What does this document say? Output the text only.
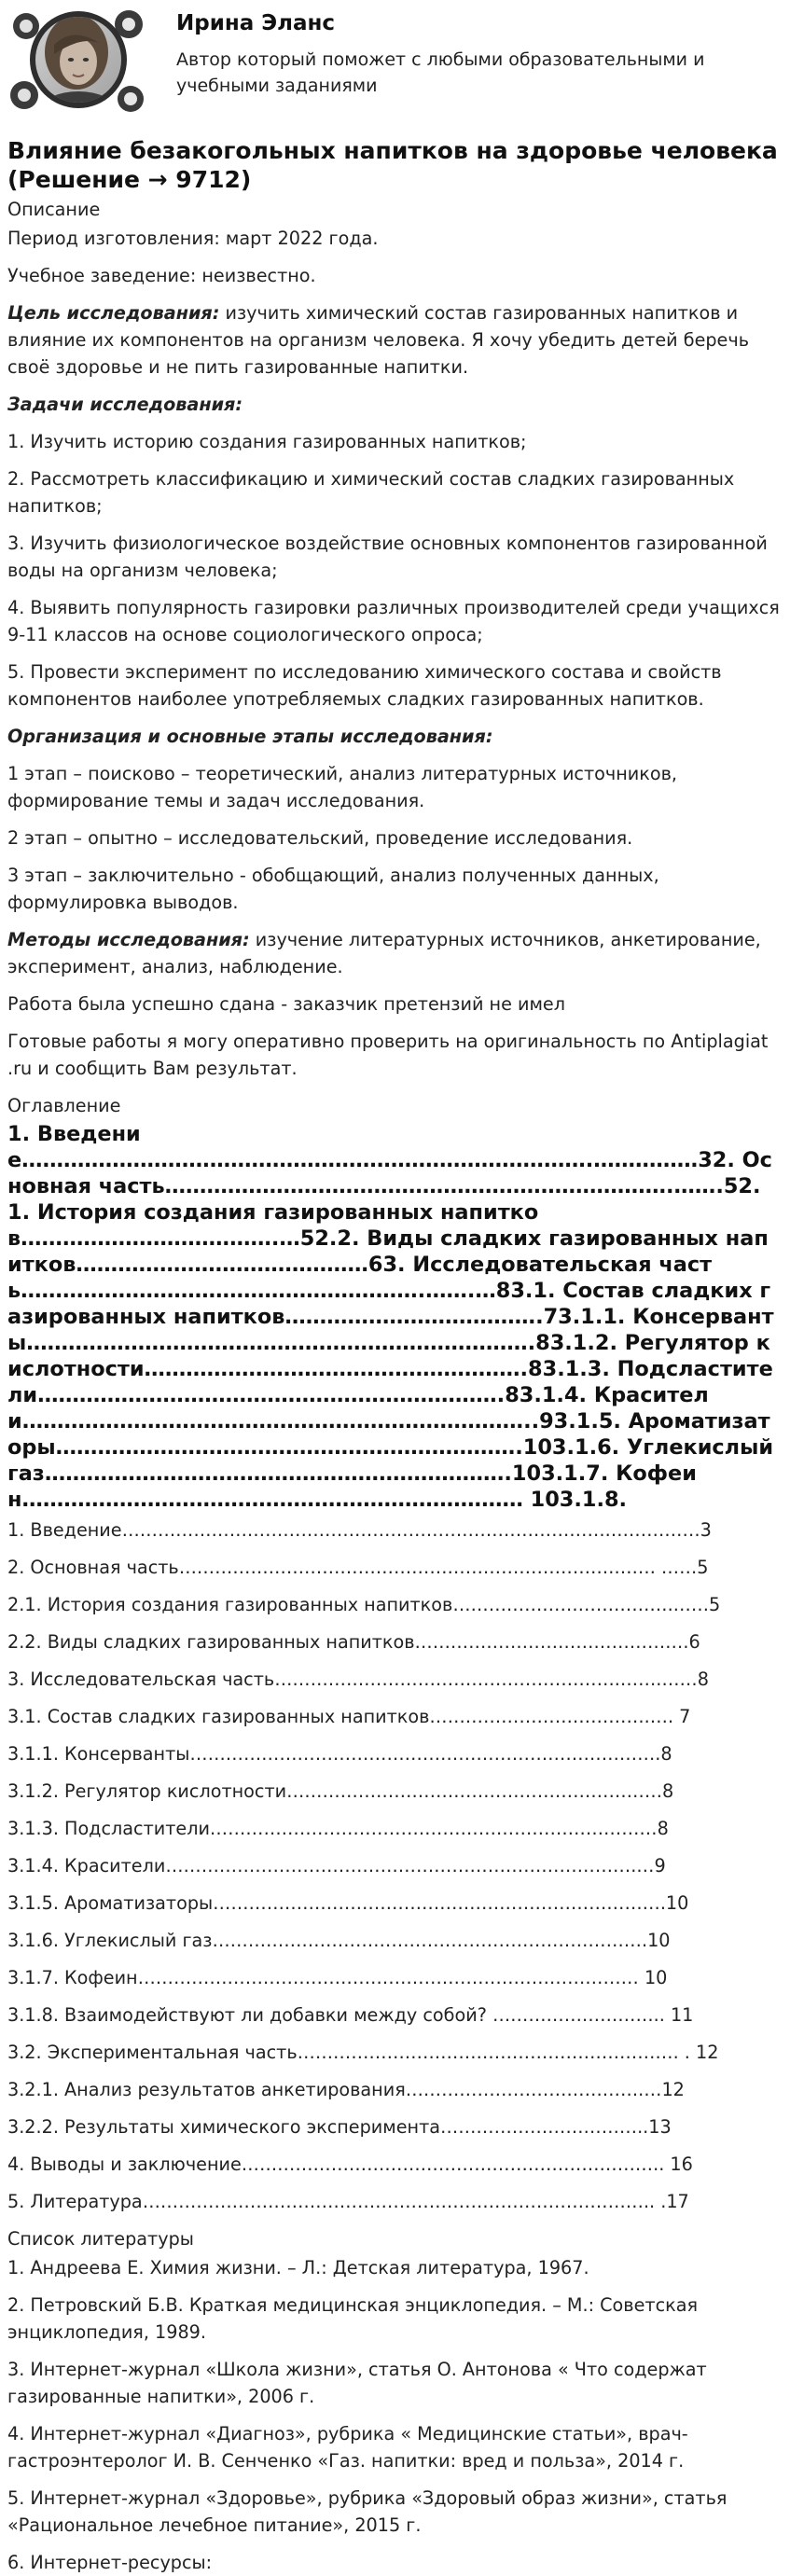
Ирина Эланс
Автор который поможет с любыми образовательными и учебными заданиями
Влияние безакогольных напитков на здоровье человека (Решение → 9712)
Описание
Период изготовления: март 2022 года.
Учебное заведение: неизвестно.
Цель исследования: изучить химический состав газированных напитков и влияние их компонентов на организм человека. Я хочу убедить детей беречь своё здоровье и не пить газированные напитки.
Задачи исследования:
1. Изучить историю создания газированных напитков;
2. Рассмотреть классификацию и химический состав сладких газированных напитков;
3. Изучить физиологическое воздействие основных компонентов газированной воды на организм человека;
4. Выявить популярность газировки различных производителей среди учащихся 9-11 классов на основе социологического опроса;
5. Провести эксперимент по исследованию химического состава и свойств компонентов наиболее употребляемых сладких газированных напитков.
Организация и основные этапы исследования:
1 этап – поисково – теоретический, анализ литературных источников, формирование темы и задач исследования.
2 этап – опытно – исследовательский, проведение исследования.
3 этап – заключительно - обобщающий, анализ полученных данных, формулировка выводов.
Методы исследования: изучение литературных источников, анкетирование, эксперимент, анализ, наблюдение.
Работа была успешно сдана - заказчик претензий не имел
Готовые работы я могу оперативно проверить на оригинальность по Antiplagiat .ru и сообщить Вам результат.
Оглавление
1. Введение……………………………………………………………………….……………32. Основная часть……………………………………………………………….…….52.1. История создания газированных напитков……………………………….…52.2. Виды сладких газированных напитков……………………………………63. Исследовательская часть………………………………………………….…….…83.1. Состав сладких газированных напитков……………………………….73.1.1. Консерванты……………………………………………………………….83.1.2. Регулятор кислотности……………………………………………….83.1.3. Подсластители………………………………………………………….83.1.4. Красители………………………………………………………………..93.1.5. Ароматизаторы………………………………………………………….103.1.6. Углекислый газ………………………………………………………….103.1.7. Кофеин……………………………………………………………… 103.1.8.
1. Введение……………………………………………………………………….……………3
2. Основная часть……………………………………………………………….……. ……5
2.1. История создания газированных напитков……………………………….……5
2.2. Виды сладких газированных напитков……………………………………….6
3. Исследовательская часть………………………………………………….…….……8
3.1. Состав сладких газированных напитков……………………………….…. 7
3.1.1. Консерванты…………………………………………………………………….8
3.1.2. Регулятор кислотности………………………………………………………8
3.1.3. Подсластители…………………………………………………………………8
3.1.4. Красители…………………………………………………………………….…9
3.1.5. Ароматизаторы………………………………………………………………….10
3.1.6. Углекислый газ……………………………………………………………….10
3.1.7. Кофеин………………………………………………………………………… 10
3.1.8. Взаимодействуют ли добавки между собой? ……………………….. 11
3.2. Экспериментальная часть………………………………………………………. . 12
3.2.1. Анализ результатов анкетирования………………………………….…12
3.2.2. Результаты химического эксперимента……………………………..13
4. Выводы и заключение…………………………………………………………….. 16
5. Литература………………………………………………………………………….. .17
Список литературы
1. Андреева Е. Химия жизни. – Л.: Детская литература, 1967.
2. Петровский Б.В. Краткая медицинская энциклопедия. – М.: Советская энциклопедия, 1989.
3. Интернет-журнал «Школа жизни», статья О. Антонова « Что содержат газированные напитки», 2006 г.
4. Интернет-журнал «Диагноз», рубрика « Медицинские статьи», врач-гастроэнтеролог И. В. Сенченко «Газ. напитки: вред и польза», 2014 г.
5. Интернет-журнал «Здоровье», рубрика «Здоровый образ жизни», статья «Рациональное лечебное питание», 2015 г.
6. Интернет-ресурсы:
